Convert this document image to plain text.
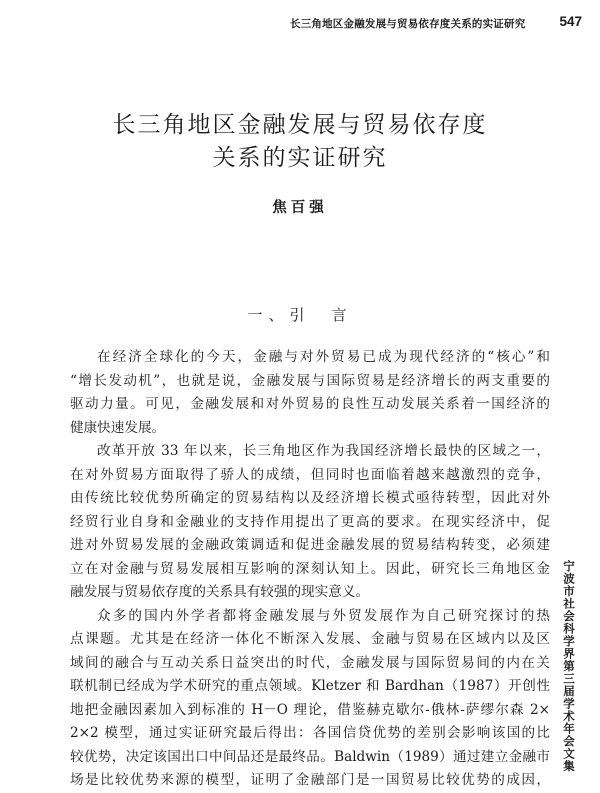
长三角地区金融发展与贸易依存度关系的实证研究	547
长三角地区金融发展与贸易依存度
关系的实证研究
焦百强
一、引　言
在经济全球化的今天，金融与对外贸易已成为现代经济的“核心”和
“增长发动机”，也就是说，金融发展与国际贸易是经济增长的两支重要的
驱动力量。可见，金融发展和对外贸易的良性互动发展关系着一国经济的
健康快速发展。
改革开放 33 年以来，长三角地区作为我国经济增长最快的区域之一，
在对外贸易方面取得了骄人的成绩，但同时也面临着越来越激烈的竞争，
由传统比较优势所确定的贸易结构以及经济增长模式亟待转型，因此对外
经贸行业自身和金融业的支持作用提出了更高的要求。在现实经济中，促
进对外贸易发展的金融政策调适和促进金融发展的贸易结构转变，必须建
立在对金融与贸易发展相互影响的深刻认知上。因此，研究长三角地区金
融发展与贸易依存度的关系具有较强的现实意义。
众多的国内外学者都将金融发展与外贸发展作为自己研究探讨的热
点课题。尤其是在经济一体化不断深入发展、金融与贸易在区域内以及区
域间的融合与互动关系日益突出的时代，金融发展与国际贸易间的内在关
联机制已经成为学术研究的重点领域。Kletzer 和 Bardhan（1987）开创性
地把金融因素加入到标准的 H－O 理论，借鉴赫克歇尔-俄林-萨缪尔森 2×
2×2 模型，通过实证研究最后得出：各国信贷优势的差别会影响该国的比
较优势，决定该国出口中间品还是最终品。Baldwin（1989）通过建立金融市
场是比较优势来源的模型，证明了金融部门是一国贸易比较优势的成因，
宁波市社会科学界第三届学术年会文集
